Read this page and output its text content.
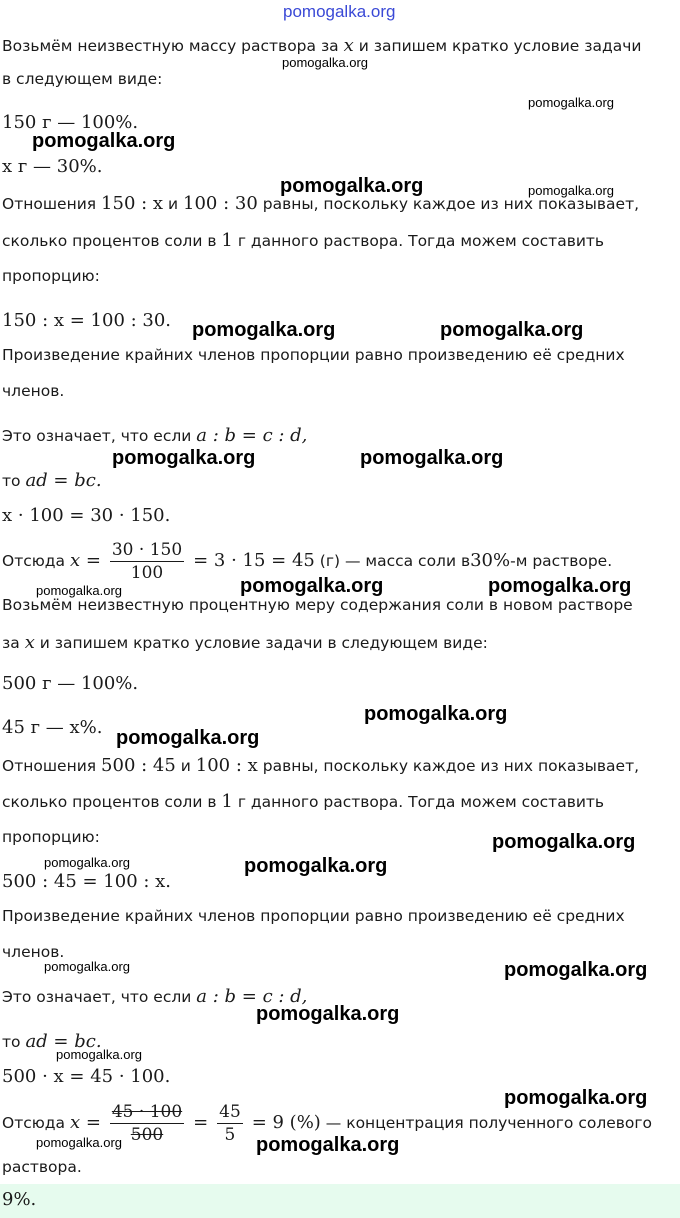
pomogalka.org
pomogalka.org
pomogalka.org
pomogalka.org
pomogalka.org	pomogalka.org
pomogalka.org	pomogalka.org
pomogalka.org	pomogalka.org
pomogalka.org	pomogalka.org	pomogalka.org
pomogalka.org
pomogalka.org
pomogalka.org
pomogalka.org	pomogalka.org
pomogalka.org	pomogalka.org
pomogalka.org
pomogalka.org
pomogalka.org
pomogalka.org	pomogalka.org
Возьмём неизвестную массу раствора за x и запишем кратко условие задачи
в следующем виде:
150 г — 100%.
x г — 30%.
Отношения 150 : x и 100 : 30 равны, поскольку каждое из них показывает,
сколько процентов соли в 1 г данного раствора. Тогда можем составить
пропорцию:
150 : x = 100 : 30.
Произведение крайних членов пропорции равно произведению её средних
членов.
Это означает, что если a : b = c : d,
то ad = bc.
x · 100 = 30 · 150.
Отсюда $x = \frac{30 \cdot 150}{100} = 3 \cdot 15 = 45$ (г) — масса соли в30%-м растворе.
Возьмём неизвестную процентную меру содержания соли в новом растворе
за x и запишем кратко условие задачи в следующем виде:
500 г — 100%.
45 г — x%.
Отношения 500 : 45 и 100 : x равны, поскольку каждое из них показывает,
сколько процентов соли в 1 г данного раствора. Тогда можем составить
пропорцию:
500 : 45 = 100 : x.
Произведение крайних членов пропорции равно произведению её средних
членов.
Это означает, что если a : b = c : d,
то ad = bc.
500 · x = 45 · 100.
Отсюда $x = \frac{45 \cdot 100}{500} = \frac{45}{5} = 9$ (%) — концентрация полученного солевого
раствора.
9%.
